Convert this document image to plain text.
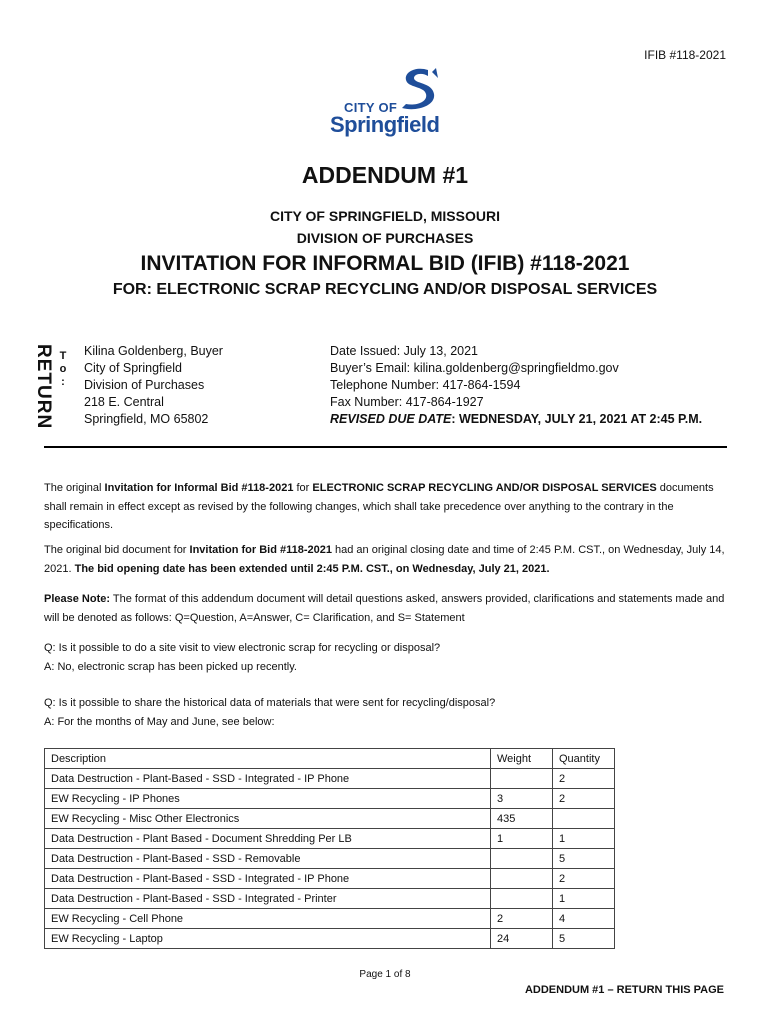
IFIB #118-2021
CITY OF
Springfield
ADDENDUM #1
CITY OF SPRINGFIELD, MISSOURI
DIVISION OF PURCHASES
INVITATION FOR INFORMAL BID (IFIB) #118-2021
FOR: ELECTRONIC SCRAP RECYCLING AND/OR DISPOSAL SERVICES
RETURN T
o
:
Kilina Goldenberg, Buyer
City of Springfield
Division of Purchases
218 E. Central
Springfield, MO 65802
Date Issued: July 13, 2021
Buyer’s Email: kilina.goldenberg@springfieldmo.gov
Telephone Number: 417-864-1594
Fax Number: 417-864-1927
REVISED DUE DATE: WEDNESDAY, JULY 21, 2021 AT 2:45 P.M.
The original Invitation for Informal Bid #118-2021 for ELECTRONIC SCRAP RECYCLING AND/OR DISPOSAL SERVICES documents shall remain in effect except as revised by the following changes, which shall take precedence over anything to the contrary in the specifications.
The original bid document for Invitation for Bid #118-2021 had an original closing date and time of 2:45 P.M. CST., on Wednesday, July 14, 2021. The bid opening date has been extended until 2:45 P.M. CST., on Wednesday, July 21, 2021.
Please Note: The format of this addendum document will detail questions asked, answers provided, clarifications and statements made and will be denoted as follows: Q=Question, A=Answer, C= Clarification, and S= Statement
Q: Is it possible to do a site visit to view electronic scrap for recycling or disposal?
A: No, electronic scrap has been picked up recently.
Q: Is it possible to share the historical data of materials that were sent for recycling/disposal?
A: For the months of May and June, see below:
Description	Weight	Quantity
Data Destruction - Plant-Based - SSD - Integrated - IP Phone		2
EW Recycling - IP Phones	3	2
EW Recycling - Misc Other Electronics	435	
Data Destruction - Plant Based - Document Shredding Per LB	1	1
Data Destruction - Plant-Based - SSD - Removable		5
Data Destruction - Plant-Based - SSD - Integrated - IP Phone		2
Data Destruction - Plant-Based - SSD - Integrated - Printer		1
EW Recycling - Cell Phone	2	4
EW Recycling - Laptop	24	5
Page 1 of 8
ADDENDUM #1 – RETURN THIS PAGE
